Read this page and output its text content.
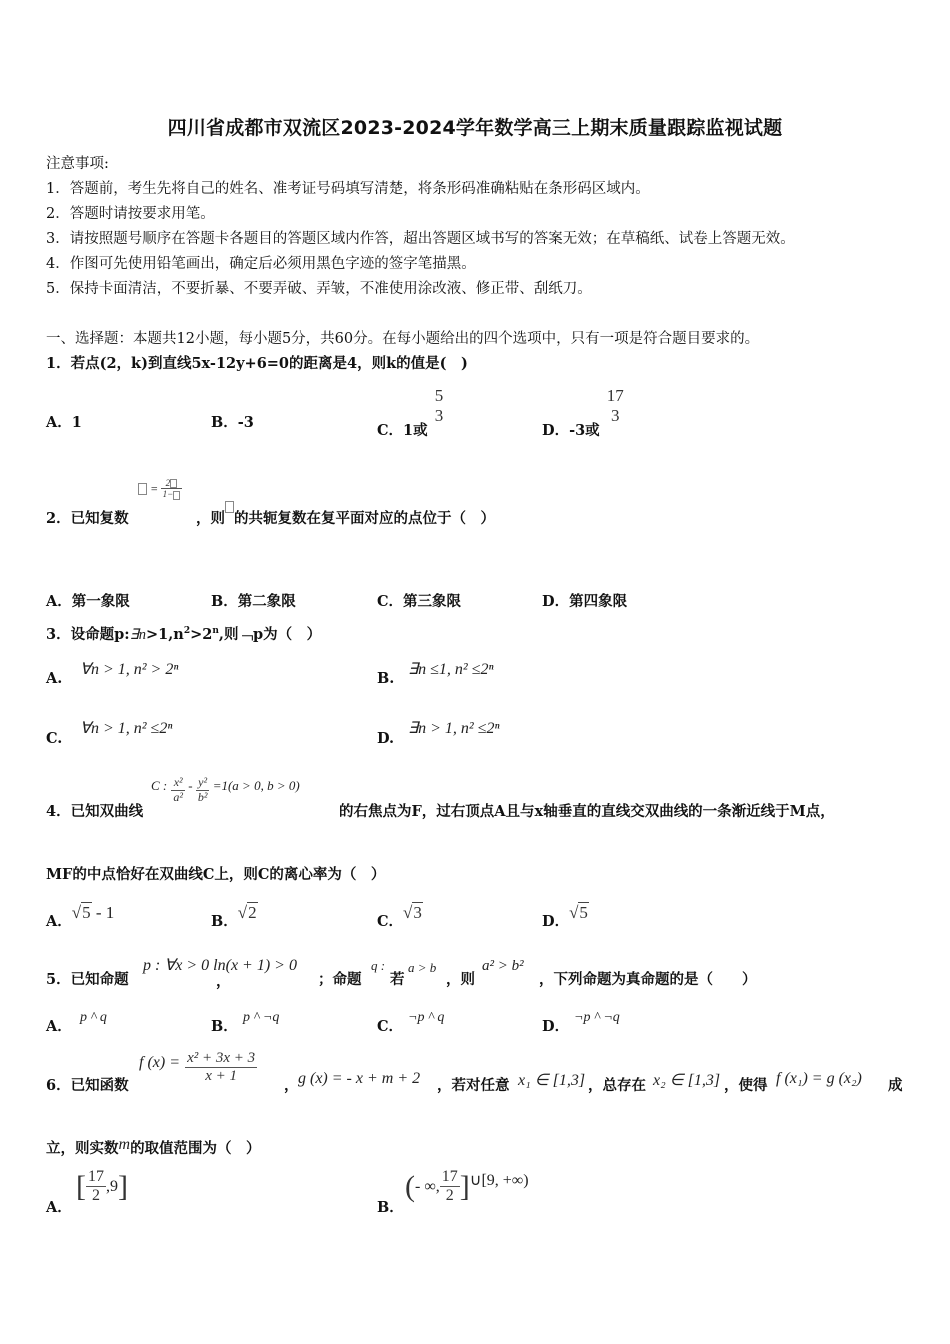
四川省成都市双流区2023-2024学年数学高三上期末质量跟踪监视试题
注意事项:
1．答题前，考生先将自己的姓名、准考证号码填写清楚，将条形码准确粘贴在条形码区域内。
2．答题时请按要求用笔。
3．请按照题号顺序在答题卡各题目的答题区域内作答，超出答题区域书写的答案无效；在草稿纸、试卷上答题无效。
4．作图可先使用铅笔画出，确定后必须用黑色字迹的签字笔描黑。
5．保持卡面清洁，不要折暴、不要弄破、弄皱，不准使用涂改液、修正带、刮纸刀。
一、选择题：本题共12小题，每小题5分，共60分。在每小题给出的四个选项中，只有一项是符合题目要求的。
1．若点(2，k)到直线5x-12y+6=0的距离是4，则k的值是(　)
A．1	B．-3	C．1或
5
3
D．-3或
17
3
2．已知复数
= $\frac{2}{1-}$
，则 的共轭复数在复平面对应的点位于（　）
A．第一象限	B．第二象限	C．第三象限	D．第四象限
3．设命题$p:\exists n>1,n^2>2^n$,则﹁p为（　）
A.
∀n > 1, n² > 2ⁿ
B.
∃n ≤1, n² ≤2ⁿ
C.
∀n > 1, n² ≤2ⁿ
D.
∃n > 1, n² ≤2ⁿ
4．已知双曲线
C : $\frac{\text{x²}}{\text{a²}} - \frac{\text{y²}}{\text{b²}} =1(a > 0$, b > 0)
的右焦点为F，过右顶点A且与x轴垂直的直线交双曲线的一条渐近线于M点，
MF的中点恰好在双曲线C上，则C的离心率为（　）
A．√5 - 1	B．√2	C．√3	D．√5
5．已知命题
p : ∀x > 0 ln(x + 1) > 0
，	；命题
q :
若
a > b
，则
a² > b²
，下列命题为真命题的是（　　）
A．
p ^ q
B．
p ^ ¬q
C．
¬p ^ q
D．
¬p ^ ¬q
6．已知函数
f $(x) = \frac{\text{x² + 3x + 3}}{x + 1}$ ， g (x) = - x + m + 2 ，若对任意 x₁ ∈ [1,3] ，总存在 x₂ ∈ [1,3] ，使得 f (x₁) = g (x₂) 成
立，则实数m的取值范围为（　）
A．
[ $\frac{17}{2} ,9$]
B．
(- ∞, $\frac{17}{2}$ ]∪[9, +∞)
